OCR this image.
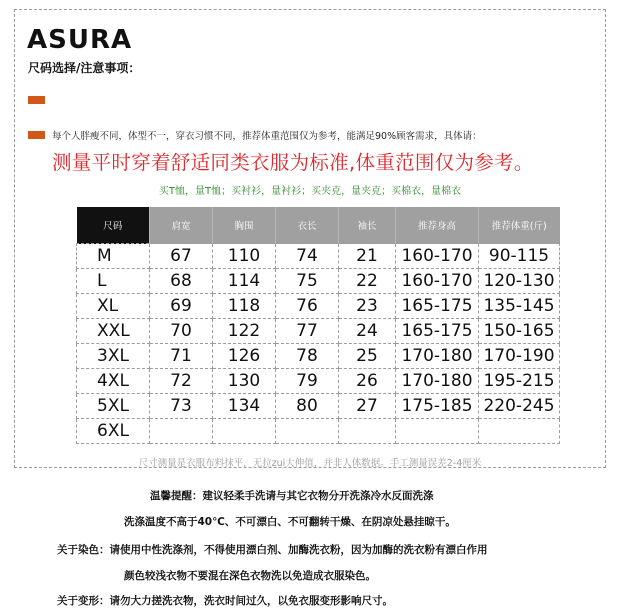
ASURA
尺码选择/注意事项：
每个人胖瘦不同，体型不一，穿衣习惯不同，推荐体重范围仅为参考，能满足90%顾客需求，具体请：
测量平时穿着舒适同类衣服为标准,体重范围仅为参考。
买T恤，量T恤；买衬衫，量衬衫；买夹克，量夹克；买棉衣，量棉衣
尺码	肩宽	胸围	衣长	袖长	推荐身高	推荐体重(斤)
M	67	110	74	21	160-170	90-115
L	68	114	75	22	160-170	120-130
XL	69	118	76	23	165-175	135-145
XXL	70	122	77	24	165-175	150-165
3XL	71	126	78	25	170-180	170-190
4XL	72	130	79	26	170-180	195-215
5XL	73	134	80	27	175-185	220-245
6XL						
尺寸测量是衣服布料抹平，无拉zui大伸值，并非人体数据。手工测量误差2-4厘米
温馨提醒：建议轻柔手洗请与其它衣物分开洗涤冷水反面洗涤
洗涤温度不高于40℃、不可漂白、不可翻转干燥、在阴凉处悬挂晾干。
关于染色：请使用中性洗涤剂，不得使用漂白剂、加酶洗衣粉，因为加酶的洗衣粉有漂白作用
颜色较浅衣物不要混在深色衣物洗以免造成衣服染色。
关于变形：请勿大力搓洗衣物，洗衣时间过久，以免衣服变形影响尺寸。
